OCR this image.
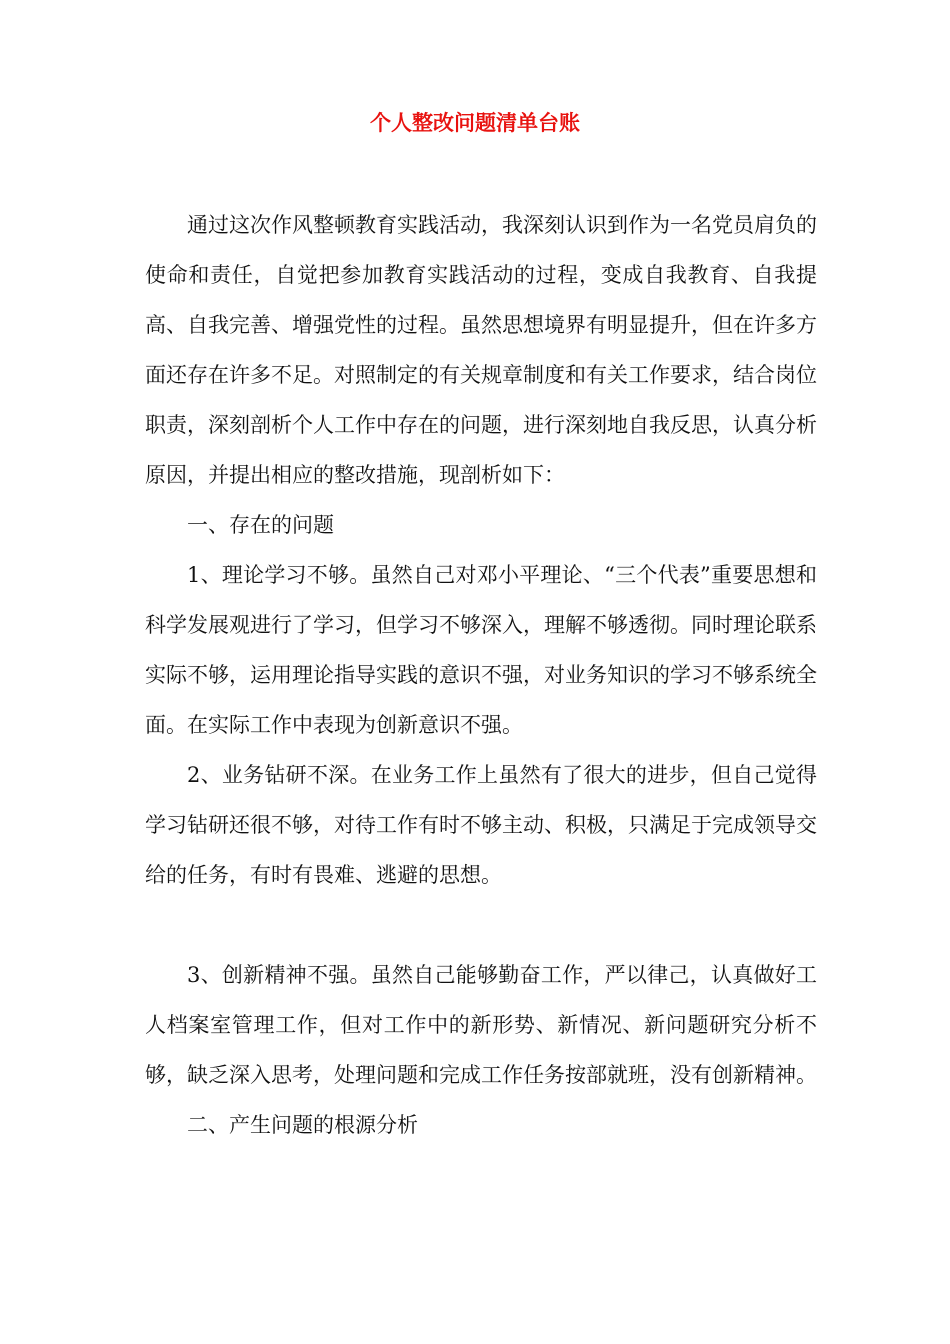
个人整改问题清单台账

通过这次作风整顿教育实践活动，我深刻认识到作为一名党员肩负的使命和责任，自觉把参加教育实践活动的过程，变成自我教育、自我提高、自我完善、增强党性的过程。虽然思想境界有明显提升，但在许多方面还存在许多不足。对照制定的有关规章制度和有关工作要求，结合岗位职责，深刻剖析个人工作中存在的问题，进行深刻地自我反思，认真分析原因，并提出相应的整改措施，现剖析如下：

一、存在的问题

1、理论学习不够。虽然自己对邓小平理论、“三个代表”重要思想和科学发展观进行了学习，但学习不够深入，理解不够透彻。同时理论联系实际不够，运用理论指导实践的意识不强，对业务知识的学习不够系统全面。在实际工作中表现为创新意识不强。

2、业务钻研不深。在业务工作上虽然有了很大的进步，但自己觉得学习钻研还很不够，对待工作有时不够主动、积极，只满足于完成领导交给的任务，有时有畏难、逃避的思想。

3、创新精神不强。虽然自己能够勤奋工作，严以律己，认真做好工人档案室管理工作，但对工作中的新形势、新情况、新问题研究分析不够，缺乏深入思考，处理问题和完成工作任务按部就班，没有创新精神。

二、产生问题的根源分析
